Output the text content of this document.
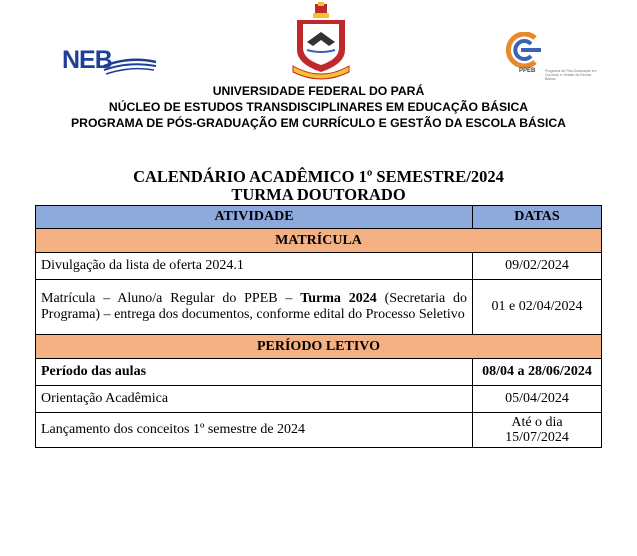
NEB	PPEB	Programa de Pós-Graduação em Currículo e Gestão da Escola Básica
UNIVERSIDADE FEDERAL DO PARÁ
NÚCLEO DE ESTUDOS TRANSDISCIPLINARES EM EDUCAÇÃO BÁSICA
PROGRAMA DE PÓS-GRADUAÇÃO EM CURRÍCULO E GESTÃO DA ESCOLA BÁSICA
CALENDÁRIO ACADÊMICO 1º SEMESTRE/2024
TURMA DOUTORADO
ATIVIDADE	DATAS
MATRÍCULA	
Divulgação da lista de oferta 2024.1	09/02/2024
Matrícula – Aluno/a Regular do PPEB – Turma 2024 (Secretaria do Programa) – entrega dos documentos, conforme edital do Processo Seletivo	01 e 02/04/2024
PERÍODO LETIVO	
Período das aulas	08/04 a 28/06/2024
Orientação Acadêmica	05/04/2024
Lançamento dos conceitos 1º semestre de 2024	Até o dia
15/07/2024
